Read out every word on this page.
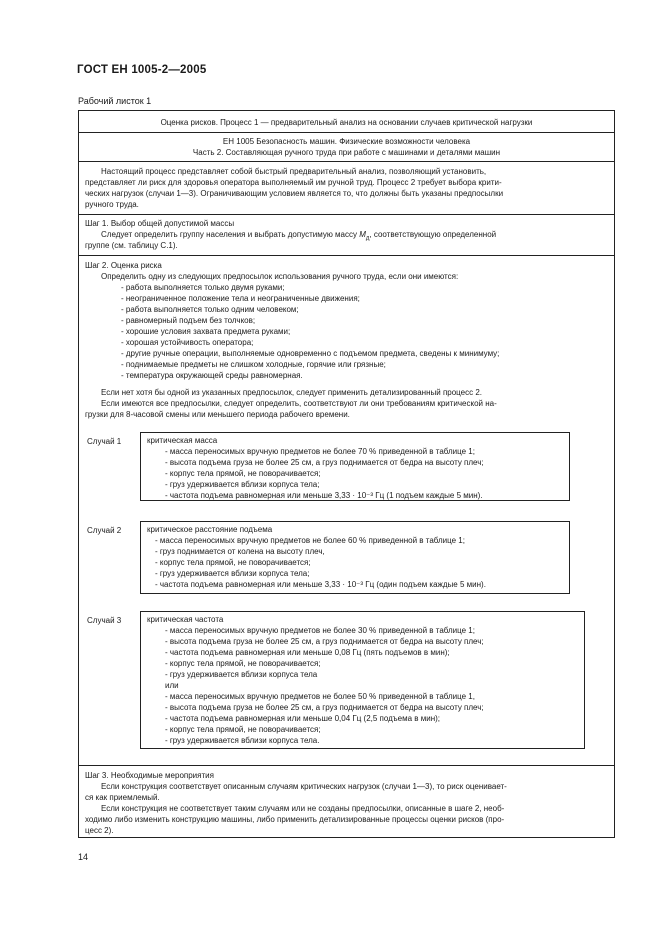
ГОСТ ЕН 1005-2—2005
Рабочий листок 1
Оценка рисков. Процесс 1 — предварительный анализ на основании случаев критической нагрузки
ЕН 1005 Безопасность машин. Физические возможности человека
Часть 2. Составляющая ручного труда при работе с машинами и деталями машин
Настоящий процесс представляет собой быстрый предварительный анализ, позволяющий установить,
представляет ли риск для здоровья оператора выполняемый им ручной труд. Процесс 2 требует выбора крити-
ческих нагрузок (случаи 1—3). Ограничивающим условием является то, что должны быть указаны предпосылки
ручного труда.
Шаг 1. Выбор общей допустимой массы
Следует определить группу населения и выбрать допустимую массу $M_д$, соответствующую определенной
группе (см. таблицу С.1).
Шаг 2. Оценка риска
Определить одну из следующих предпосылок использования ручного труда, если они имеются:
- работа выполняется только двумя руками;
- неограниченное положение тела и неограниченные движения;
- работа выполняется только одним человеком;
- равномерный подъем без толчков;
- хорошие условия захвата предмета руками;
- хорошая устойчивость оператора;
- другие ручные операции, выполняемые одновременно с подъемом предмета, сведены к минимуму;
- поднимаемые предметы не слишком холодные, горячие или грязные;
- температура окружающей среды равномерная.
Если нет хотя бы одной из указанных предпосылок, следует применить детализированный процесс 2.
Если имеются все предпосылки, следует определить, соответствуют ли они требованиям критической на-
грузки для 8-часовой смены или меньшего периода рабочего времени.
Случай 1	критическая масса
- масса переносимых вручную предметов не более 70 % приведенной в таблице 1;
- высота подъема груза не более 25 см, а груз поднимается от бедра на высоту плеч;
- корпус тела прямой, не поворачивается;
- груз удерживается вблизи корпуса тела;
- частота подъема равномерная или меньше 3,33 · 10⁻³ Гц (1 подъем каждые 5 мин).
Случай 2	критическое расстояние подъема
- масса переносимых вручную предметов не более 60 % приведенной в таблице 1;
- груз поднимается от колена на высоту плеч,
- корпус тела прямой, не поворачивается;
- груз удерживается вблизи корпуса тела;
- частота подъема равномерная или меньше 3,33 · 10⁻³ Гц (один подъем каждые 5 мин).
Случай 3	критическая частота
- масса переносимых вручную предметов не более 30 % приведенной в таблице 1;
- высота подъема груза не более 25 см, а груз поднимается от бедра на высоту плеч;
- частота подъема равномерная или меньше 0,08 Гц (пять подъемов в мин);
- корпус тела прямой, не поворачивается;
- груз удерживается вблизи корпуса тела
или
- масса переносимых вручную предметов не более 50 % приведенной в таблице 1,
- высота подъема груза не более 25 см, а груз поднимается от бедра на высоту плеч;
- частота подъема равномерная или меньше 0,04 Гц (2,5 подъема в мин);
- корпус тела прямой, не поворачивается;
- груз удерживается вблизи корпуса тела.
Шаг 3. Необходимые мероприятия
Если конструкция соответствует описанным случаям критических нагрузок (случаи 1—3), то риск оценивает-
ся как приемлемый.
Если конструкция не соответствует таким случаям или не созданы предпосылки, описанные в шаге 2, необ-
ходимо либо изменить конструкцию машины, либо применить детализированные процессы оценки рисков (про-
цесс 2).
14
